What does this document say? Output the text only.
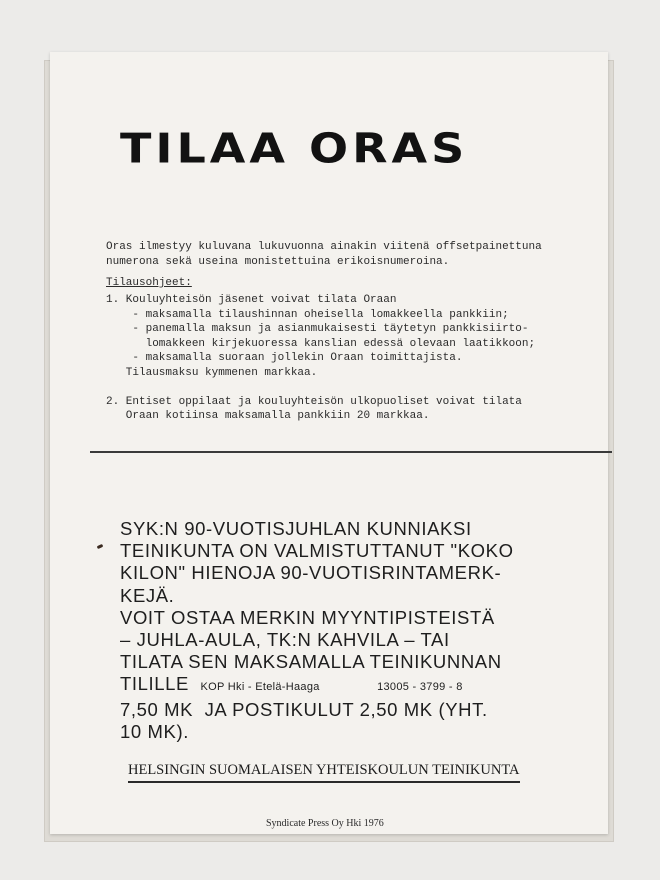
TILAA ORAS
Oras ilmestyy kuluvana lukuvuonna ainakin viitenä offsetpainettuna
numerona sekä useina monistettuina erikoisnumeroina.

Tilausohjeet:

1. Kouluyhteisön jäsenet voivat tilata Oraan
- maksamalla tilaushinnan oheisella lomakkeella pankkiin;
- panemalla maksun ja asianmukaisesti täytetyn pankkisiirto-
lomakkeen kirjekuoressa kanslian edessä olevaan laatikkoon;
- maksamalla suoraan jollekin Oraan toimittajista.
Tilausmaksu kymmenen markkaa.

2. Entiset oppilaat ja kouluyhteisön ulkopuoliset voivat tilata
Oraan kotiinsa maksamalla pankkiin 20 markkaa.
SYK:N 90-VUOTISJUHLAN KUNNIAKSI
TEINIKUNTA ON VALMISTUTTANUT "KOKO
KILON" HIENOJA 90-VUOTISRINTAMERK-
KEJÄ.
VOIT OSTAA MERKIN MYYNTIPISTEISTÄ
– JUHLA-AULA, TK:N KAHVILA – TAI
TILATA SEN MAKSAMALLA TEINIKUNNAN
TILILLE KOP Hki - Etelä-Haaga	13005 - 3799 - 8
7,50 MK  JA POSTIKULUT 2,50 MK (YHT.
10 MK).

HELSINGIN SUOMALAISEN YHTEISKOULUN TEINIKUNTA

Syndicate Press Oy Hki 1976
